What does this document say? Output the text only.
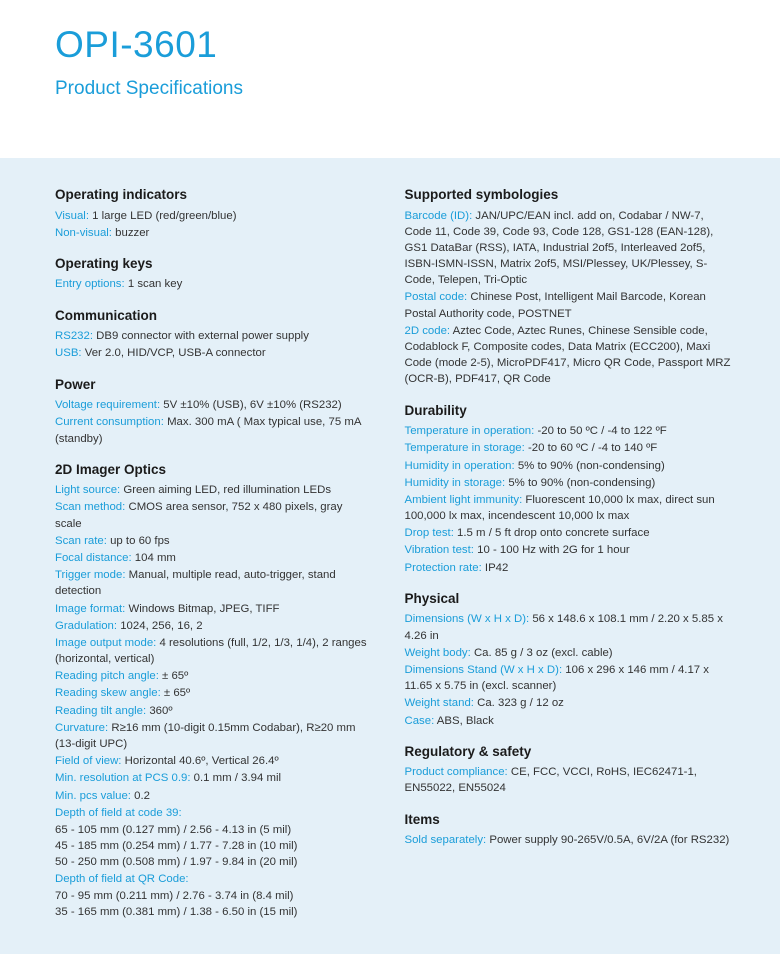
OPI-3601
Product Specifications
Operating indicators
Visual: 1 large LED (red/green/blue)
Non-visual: buzzer
Operating keys
Entry options: 1 scan key
Communication
RS232: DB9 connector with external power supply
USB: Ver 2.0, HID/VCP, USB-A connector
Power
Voltage requirement: 5V ±10% (USB), 6V ±10% (RS232)
Current consumption: Max. 300 mA ( Max typical use, 75 mA (standby)
2D Imager Optics
Light source: Green aiming LED, red illumination LEDs
Scan method: CMOS area sensor, 752 x 480 pixels, gray scale
Scan rate: up to 60 fps
Focal distance: 104 mm
Trigger mode: Manual, multiple read, auto-trigger, stand detection
Image format: Windows Bitmap, JPEG, TIFF
Gradulation: 1024, 256, 16, 2
Image output mode: 4 resolutions (full, 1/2, 1/3, 1/4), 2 ranges (horizontal, vertical)
Reading pitch angle: ± 65º
Reading skew angle: ± 65º
Reading tilt angle: 360º
Curvature: R≥16 mm (10-digit 0.15mm Codabar), R≥20 mm (13-digit UPC)
Field of view: Horizontal 40.6º, Vertical 26.4º
Min. resolution at PCS 0.9: 0.1 mm / 3.94 mil
Min. pcs value: 0.2
Depth of field at code 39:
65 - 105 mm (0.127 mm) / 2.56 - 4.13 in (5 mil)
45 - 185 mm (0.254 mm) / 1.77 - 7.28 in (10 mil)
50 - 250 mm (0.508 mm) / 1.97 - 9.84 in (20 mil)
Depth of field at QR Code:
70 - 95 mm (0.211 mm) / 2.76 - 3.74 in (8.4 mil)
35 - 165 mm (0.381 mm) / 1.38 - 6.50 in (15 mil)
Supported symbologies
Barcode (ID): JAN/UPC/EAN incl. add on, Codabar / NW-7, Code 11, Code 39, Code 93, Code 128, GS1-128 (EAN-128), GS1 DataBar (RSS), IATA, Industrial 2of5, Interleaved 2of5, ISBN-ISMN-ISSN, Matrix 2of5, MSI/Plessey, UK/Plessey, S-Code, Telepen, Tri-Optic
Postal code: Chinese Post, Intelligent Mail Barcode, Korean Postal Authority code, POSTNET
2D code: Aztec Code, Aztec Runes, Chinese Sensible code, Codablock F, Composite codes, Data Matrix (ECC200), Maxi Code (mode 2-5), MicroPDF417, Micro QR Code, Passport MRZ (OCR-B), PDF417, QR Code
Durability
Temperature in operation: -20 to 50 ºC / -4 to 122 ºF
Temperature in storage: -20 to 60 ºC / -4 to 140 ºF
Humidity in operation: 5% to 90% (non-condensing)
Humidity in storage: 5% to 90% (non-condensing)
Ambient light immunity: Fluorescent 10,000 lx max, direct sun 100,000 lx max, incendescent 10,000 lx max
Drop test: 1.5 m / 5 ft drop onto concrete surface
Vibration test: 10 - 100 Hz with 2G for 1 hour
Protection rate: IP42
Physical
Dimensions (W x H x D): 56 x 148.6 x 108.1 mm / 2.20 x 5.85 x 4.26 in
Weight body: Ca. 85 g / 3 oz (excl. cable)
Dimensions Stand (W x H x D): 106 x 296 x 146 mm / 4.17 x 11.65 x 5.75 in (excl. scanner)
Weight stand: Ca. 323 g / 12 oz
Case: ABS, Black
Regulatory & safety
Product compliance: CE, FCC, VCCI, RoHS, IEC62471-1, EN55022, EN55024
Items
Sold separately: Power supply 90-265V/0.5A, 6V/2A (for RS232)
